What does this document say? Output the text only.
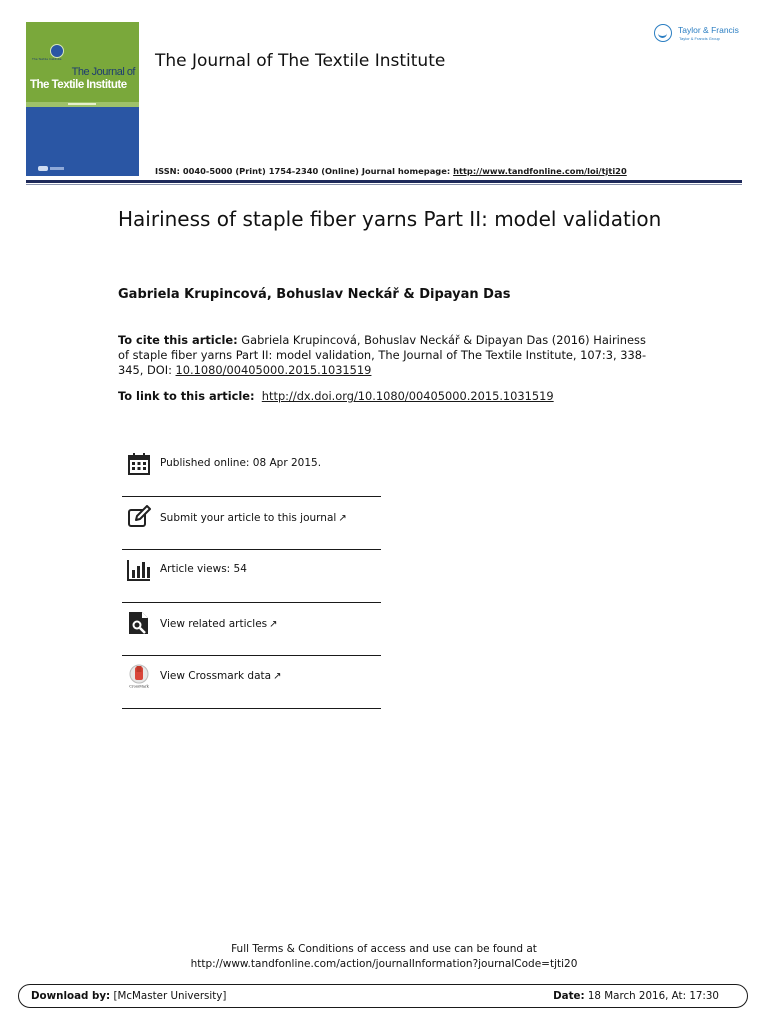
The Textile Institute
The Journal of
The Textile Institute
The Journal of The Textile Institute
Taylor & Francis
Taylor & Francis Group
ISSN: 0040-5000 (Print) 1754-2340 (Online) Journal homepage: http://www.tandfonline.com/loi/tjti20
Hairiness of staple fiber yarns Part II: model validation
Gabriela Krupincová, Bohuslav Neckář & Dipayan Das
To cite this article: Gabriela Krupincová, Bohuslav Neckář & Dipayan Das (2016) Hairiness of staple fiber yarns Part II: model validation, The Journal of The Textile Institute, 107:3, 338-345, DOI: 10.1080/00405000.2015.1031519
To link to this article: http://dx.doi.org/10.1080/00405000.2015.1031519
Published online: 08 Apr 2015.
Submit your article to this journal ↗
Article views: 54
View related articles ↗
CrossMark
View Crossmark data ↗
Full Terms & Conditions of access and use can be found at
http://www.tandfonline.com/action/journalInformation?journalCode=tjti20
Download by: [McMaster University]	Date: 18 March 2016, At: 17:30
